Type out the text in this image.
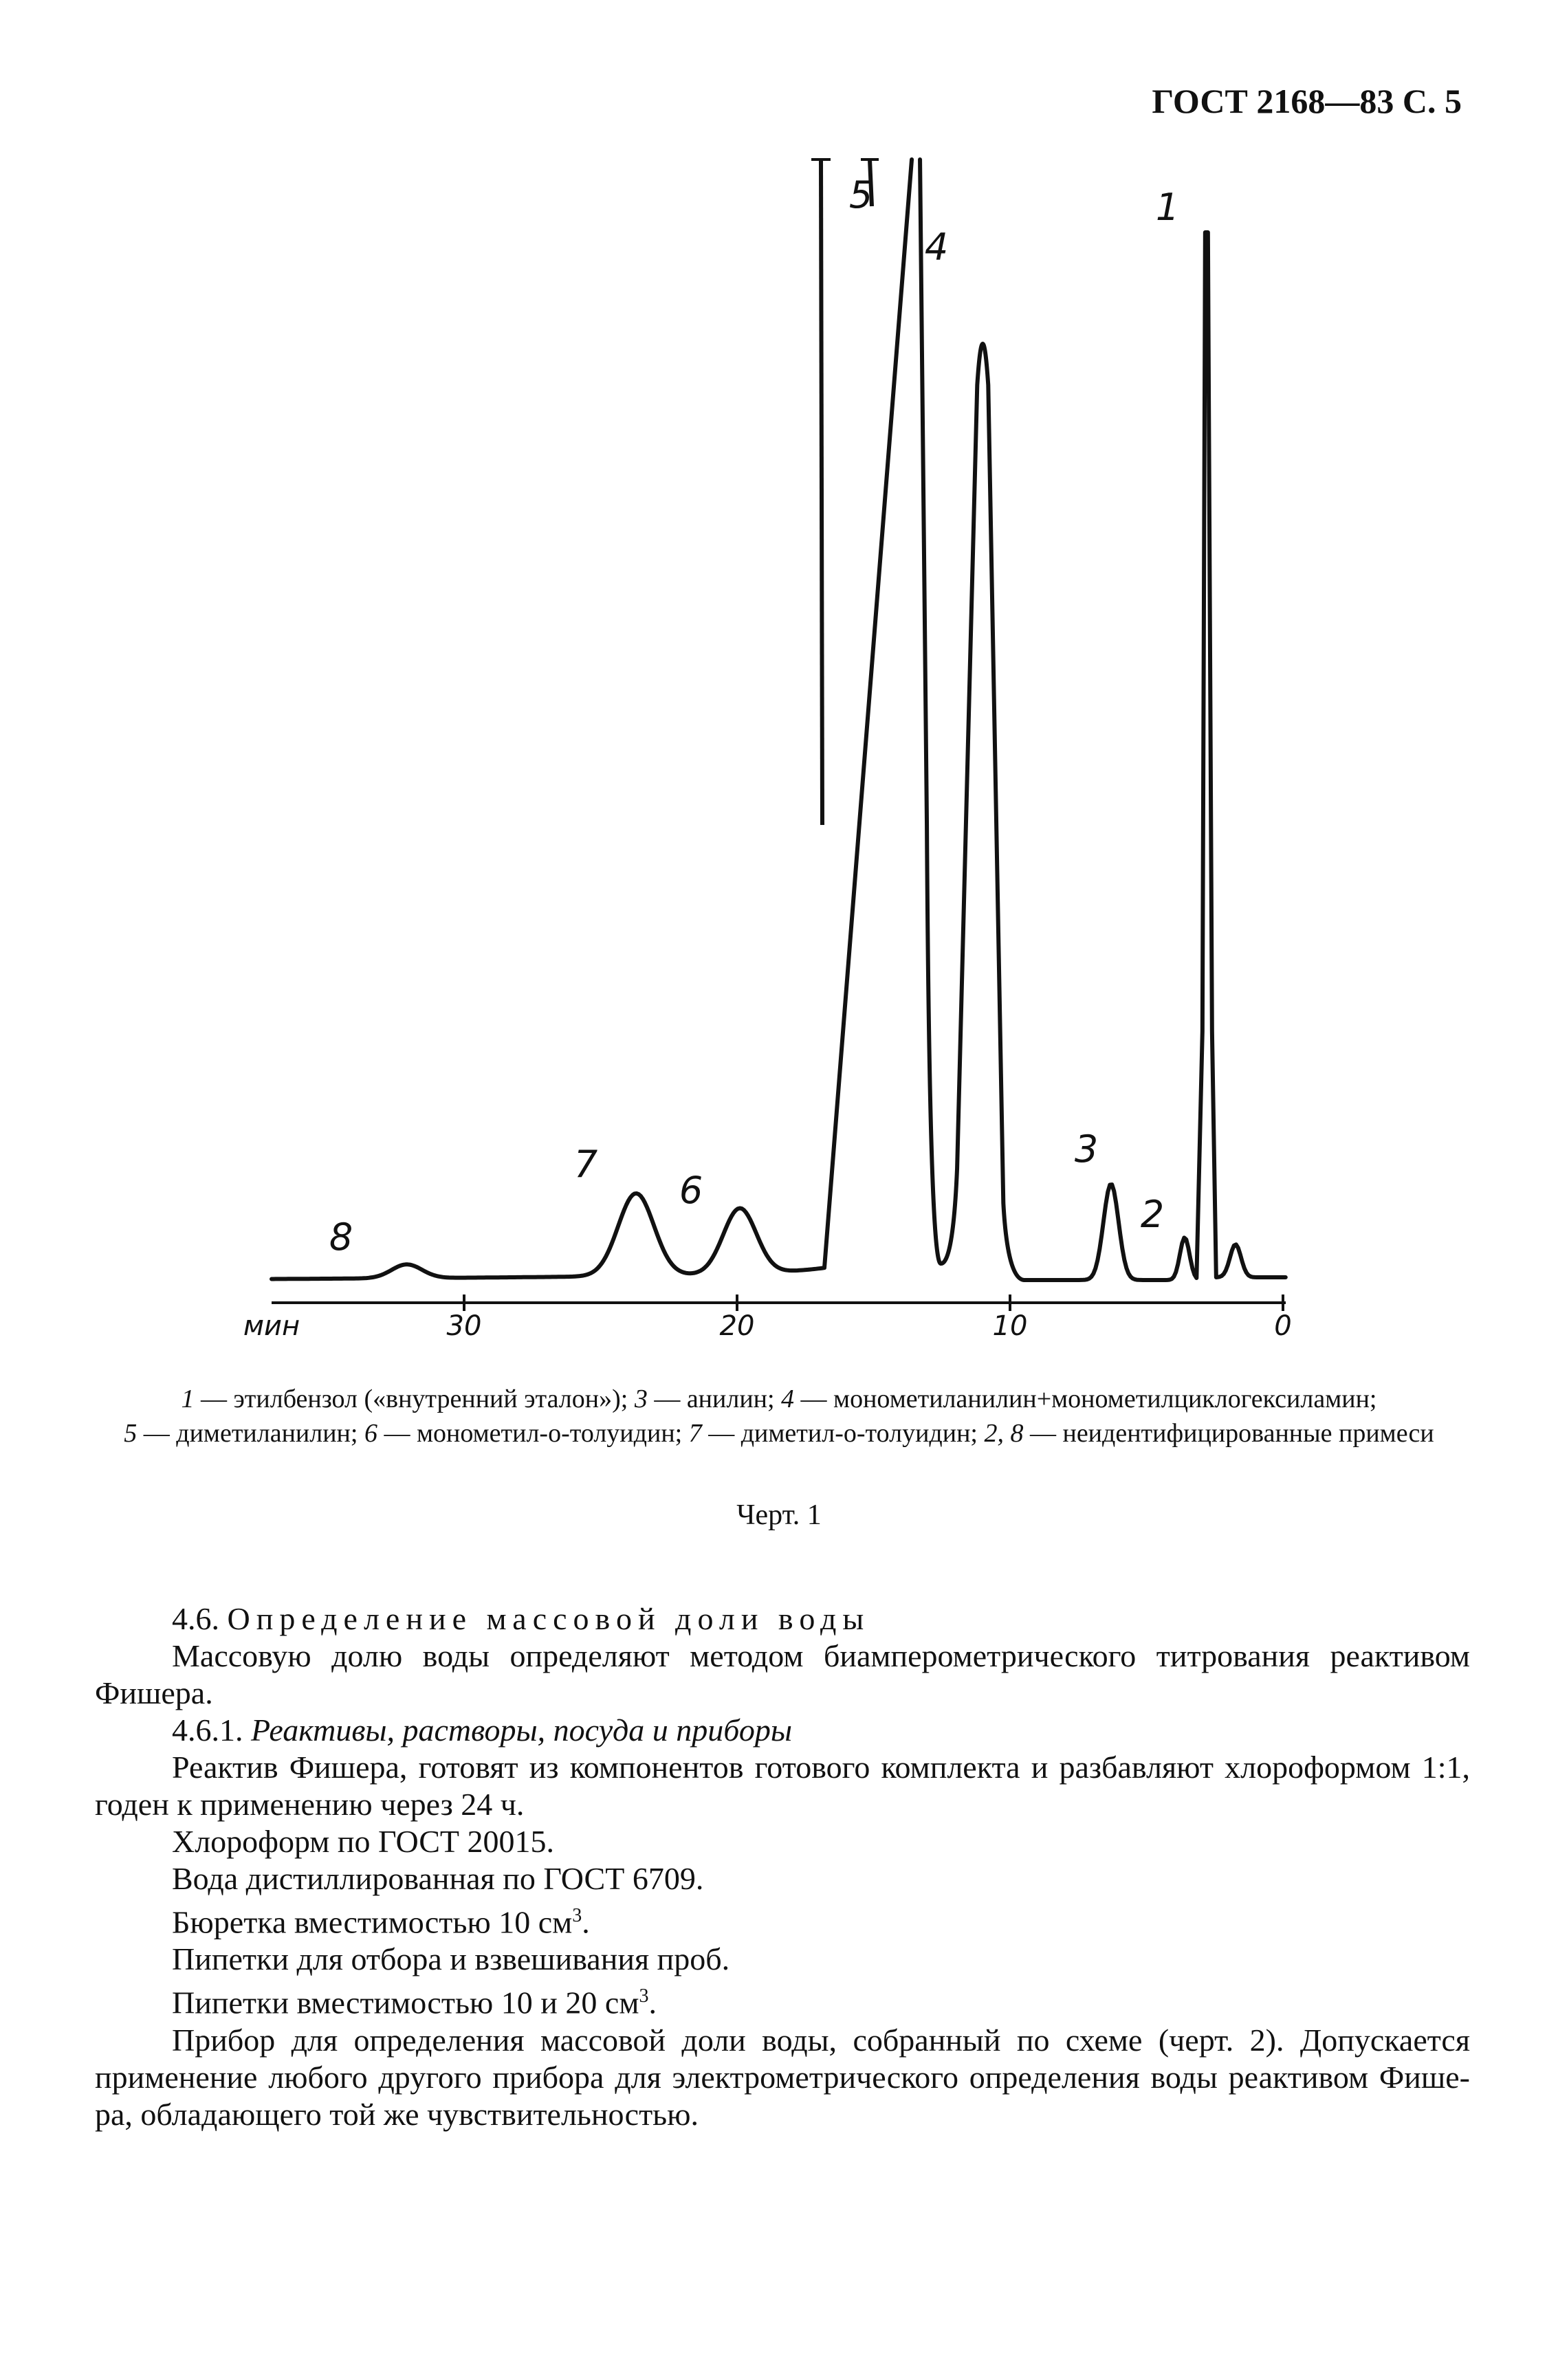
ГОСТ 2168—83 С. 5
30	20	10	0
1
2
3
4
5
6
7
8
мин
1 — этилбензол («внутренний эталон»); 3 — анилин; 4 — монометиланилин+монометилциклогексиламин;
5 — диметиланилин; 6 — монометил-о-толуидин; 7 — диметил-о-толуидин; 2, 8 — неидентифицированные примеси
Черт. 1

4.6. Определение массовой доли воды

Массовую долю воды определяют методом биамперометрического титрования реактивом

Фишера.

4.6.1. Реактивы, растворы, посуда и приборы

Реактив Фишера, готовят из компонентов готового комплекта и разбавляют хлороформом 1:1,

годен к применению через 24 ч.

Хлороформ по ГОСТ 20015.

Вода дистиллированная по ГОСТ 6709.

Бюретка вместимостью 10 $см^3$.

Пипетки для отбора и взвешивания проб.

Пипетки вместимостью 10 и 20 $см^3$.

Прибор для определения массовой доли воды, собранный по схеме (черт. 2). Допускается

применение любого другого прибора для электрометрического определения воды реактивом Фише-

ра, обладающего той же чувствительностью.
